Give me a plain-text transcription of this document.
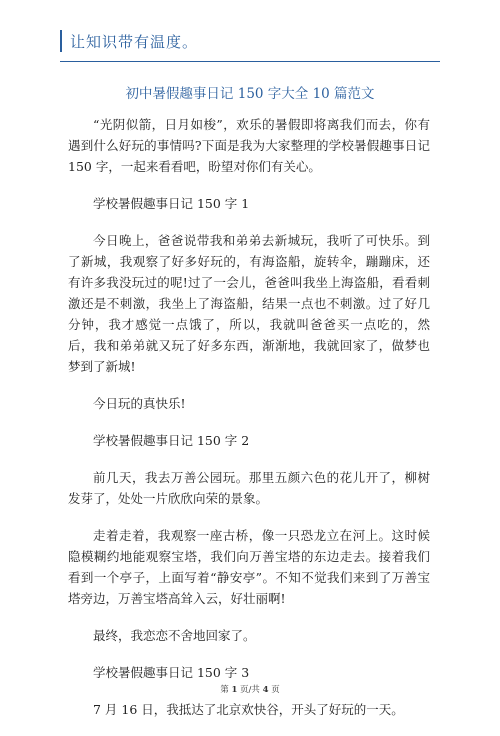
让知识带有温度。
初中暑假趣事日记 150 字大全 10 篇范文

“光阴似箭，日月如梭”，欢乐的暑假即将离我们而去，你有遇到什么好玩的事情吗?下面是我为大家整理的学校暑假趣事日记 150 字，一起来看看吧，盼望对你们有关心。

学校暑假趣事日记 150 字 1

今日晚上，爸爸说带我和弟弟去新城玩，我听了可快乐。到了新城，我观察了好多好玩的，有海盗船，旋转伞，蹦蹦床，还有许多我没玩过的呢!过了一会儿，爸爸叫我坐上海盗船，看看刺激还是不刺激，我坐上了海盗船，结果一点也不刺激。过了好几分钟，我才感觉一点饿了，所以，我就叫爸爸买一点吃的，然后，我和弟弟就又玩了好多东西，渐渐地，我就回家了，做梦也梦到了新城!

今日玩的真快乐!

学校暑假趣事日记 150 字 2

前几天，我去万善公园玩。那里五颜六色的花儿开了，柳树发芽了，处处一片欣欣向荣的景象。

走着走着，我观察一座古桥，像一只恐龙立在河上。这时候隐模糊约地能观察宝塔，我们向万善宝塔的东边走去。接着我们看到一个亭子，上面写着“静安亭”。不知不觉我们来到了万善宝塔旁边，万善宝塔高耸入云，好壮丽啊!

最终，我恋恋不舍地回家了。

学校暑假趣事日记 150 字 3

7 月 16 日，我抵达了北京欢快谷，开头了好玩的一天。

第 1 页/共 4 页
